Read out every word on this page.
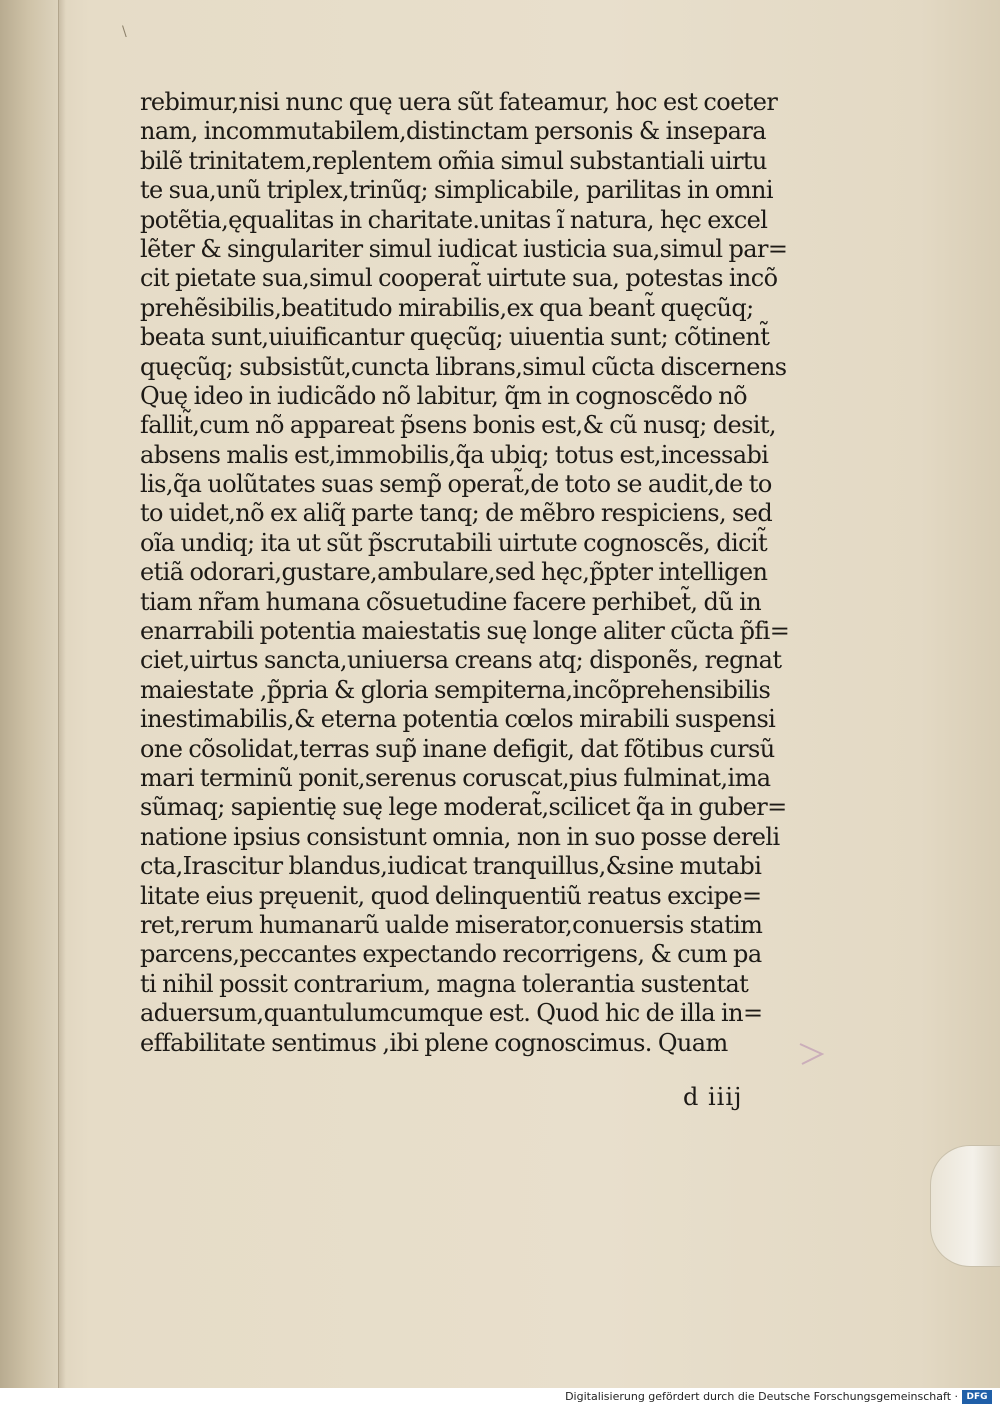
\
rebimur,nisi nunc quę uera sũt fateamur, hoc est coeter
nam, incommutabilem,distinctam personis & insepara
bilẽ trinitatem,replentem om̃ia simul substantiali uirtu
te sua,unũ triplex,trinũq; simplicabile, parilitas in omni
potẽtia,ęqualitas in charitate.unitas ĩ natura, hęc excel
lẽter & singulariter simul iudicat iusticia sua,simul par=
cit pietate sua,simul cooperat̃ uirtute sua, potestas incõ
prehẽsibilis,beatitudo mirabilis,ex qua beant̃ quęcũq;
beata sunt,uiuificantur quęcũq; uiuentia sunt; cõtinent̃
quęcũq; subsistũt,cuncta librans,simul cũcta discernens
Quę ideo in iudicãdo nõ labitur, q̃m in cognoscẽdo nõ
fallit̃,cum nõ appareat p̃sens bonis est,& cũ nusq; desit,
absens malis est,immobilis,q̃a ubiq; totus est,incessabi
lis,q̃a uolũtates suas semp̃ operat̃,de toto se audit,de to
to uidet,nõ ex aliq̃ parte tanq; de mẽbro respiciens, sed
oĩa undiq; ita ut sũt p̃scrutabili uirtute cognoscẽs, dicit̃
etiã odorari,gustare,ambulare,sed hęc,p̃pter intelligen
tiam nr̃am humana cõsuetudine facere perhibet̃, dũ in
enarrabili potentia maiestatis suę longe aliter cũcta p̃fi=
ciet,uirtus sancta,uniuersa creans atq; disponẽs, regnat
maiestate ,p̃pria & gloria sempiterna,incõprehensibilis
inestimabilis,& eterna potentia cœlos mirabili suspensi
one cõsolidat,terras sup̃ inane defigit, dat fõtibus cursũ
mari terminũ ponit,serenus coruscat,pius fulminat,ima
sũmaq; sapientię suę lege moderat̃,scilicet q̃a in guber=
natione ipsius consistunt omnia, non in suo posse dereli
cta,Irascitur blandus,iudicat tranquillus,&sine mutabi
litate eius pręuenit, quod delinquentiũ reatus excipe=
ret,rerum humanarũ ualde miserator,conuersis statim
parcens,peccantes expectando recorrigens, & cum pa
ti nihil possit contrarium, magna tolerantia sustentat
aduersum,quantulumcumque est. Quod hic de illa in=
effabilitate sentimus ,ibi plene cognoscimus. Quam
d iiij
Digitalisierung gefördert durch die Deutsche Forschungsgemeinschaft · DFG
